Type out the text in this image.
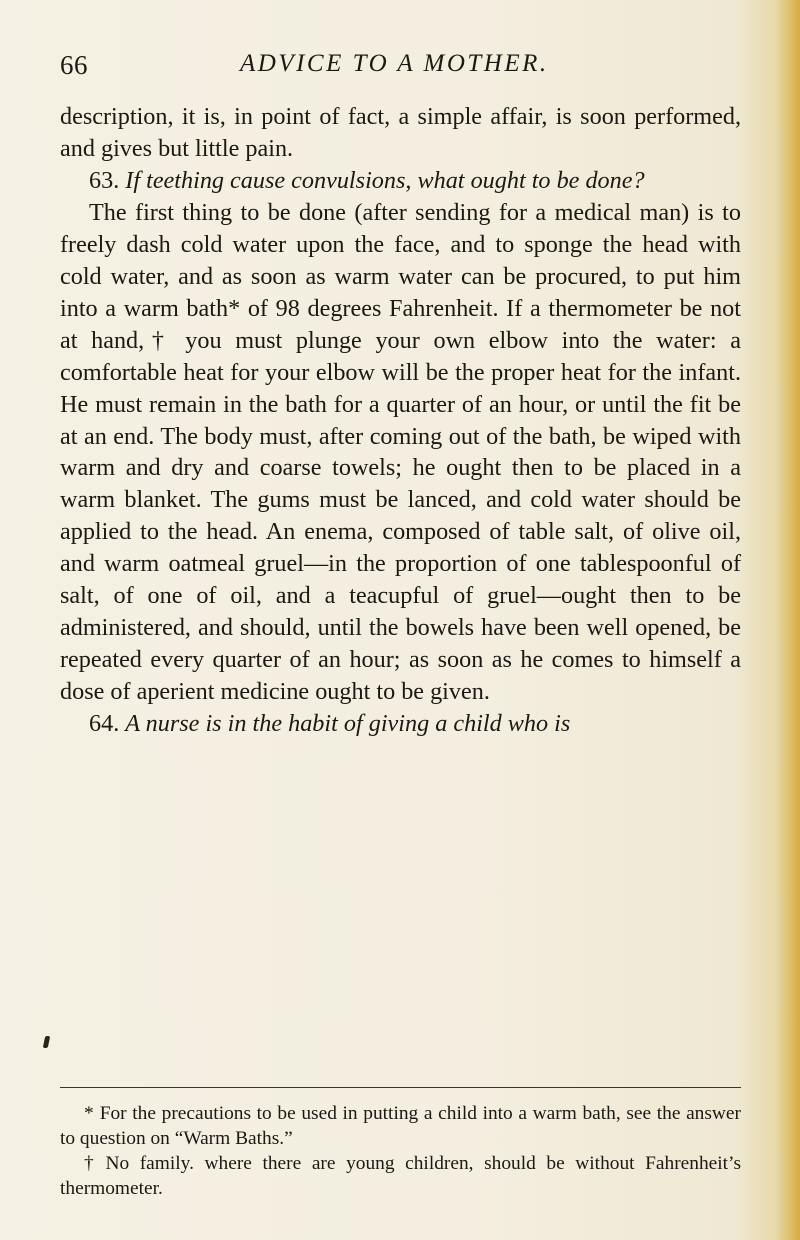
66	ADVICE TO A MOTHER.

description, it is, in point of fact, a simple affair, is soon performed, and gives but little pain.

63. If teething cause convulsions, what ought to be done?

The first thing to be done (after sending for a medical man) is to freely dash cold water upon the face, and to sponge the head with cold water, and as soon as warm water can be procured, to put him into a warm bath* of 98 degrees Fahrenheit. If a thermometer be not at hand,† you must plunge your own elbow into the water: a comfortable heat for your elbow will be the proper heat for the infant. He must remain in the bath for a quarter of an hour, or until the fit be at an end. The body must, after coming out of the bath, be wiped with warm and dry and coarse towels; he ought then to be placed in a warm blanket. The gums must be lanced, and cold water should be applied to the head. An enema, composed of table salt, of olive oil, and warm oatmeal gruel—in the proportion of one tablespoonful of salt, of one of oil, and a teacupful of gruel—ought then to be administered, and should, until the bowels have been well opened, be repeated every quarter of an hour; as soon as he comes to himself a dose of aperient medicine ought to be given.

64. A nurse is in the habit of giving a child who is

* For the precautions to be used in putting a child into a warm bath, see the answer to question on “Warm Baths.”

† No family. where there are young children, should be without Fahrenheit’s thermometer.
